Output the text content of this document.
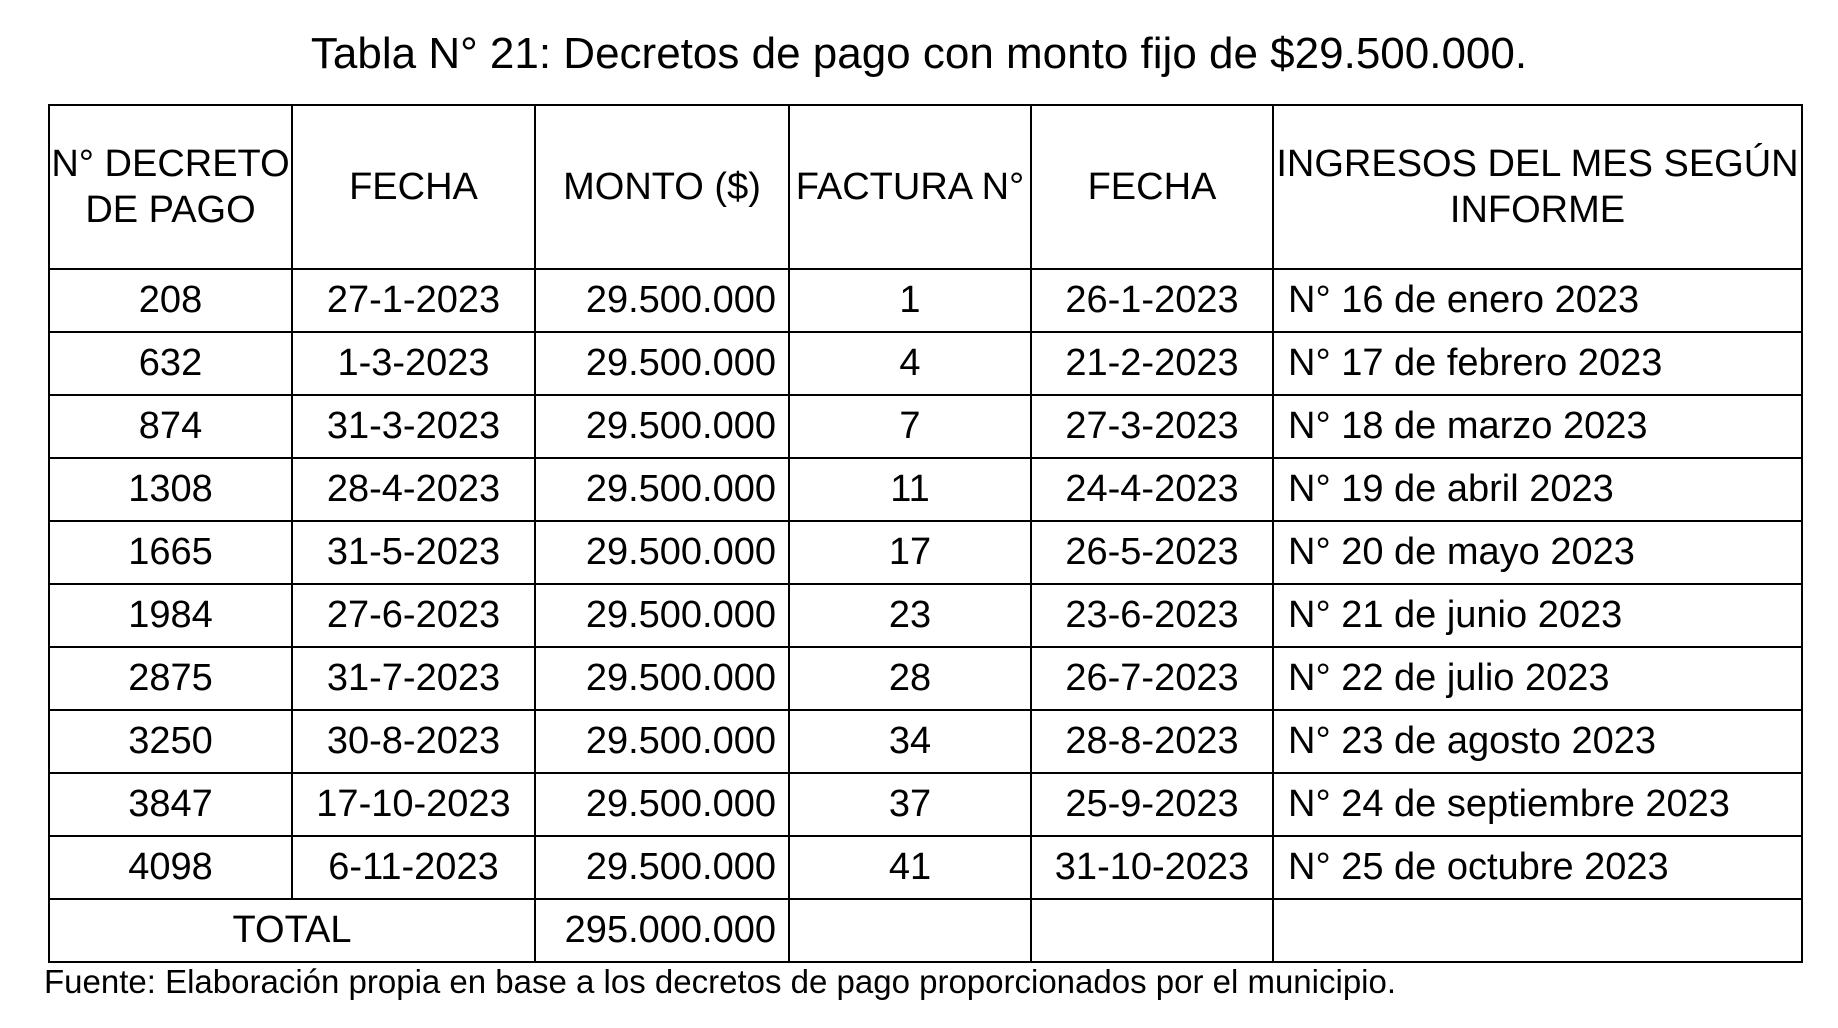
Tabla N° 21: Decretos de pago con monto fijo de $29.500.000.
N° DECRETO DE PAGO	FECHA	MONTO ($)	FACTURA N°	FECHA	INGRESOS DEL MES SEGÚN INFORME
208	27-1-2023	29.500.000	1	26-1-2023	N° 16 de enero 2023
632	1-3-2023	29.500.000	4	21-2-2023	N° 17 de febrero 2023
874	31-3-2023	29.500.000	7	27-3-2023	N° 18 de marzo 2023
1308	28-4-2023	29.500.000	11	24-4-2023	N° 19 de abril 2023
1665	31-5-2023	29.500.000	17	26-5-2023	N° 20 de mayo 2023
1984	27-6-2023	29.500.000	23	23-6-2023	N° 21 de junio 2023
2875	31-7-2023	29.500.000	28	26-7-2023	N° 22 de julio 2023
3250	30-8-2023	29.500.000	34	28-8-2023	N° 23 de agosto 2023
3847	17-10-2023	29.500.000	37	25-9-2023	N° 24 de septiembre 2023
4098	6-11-2023	29.500.000	41	31-10-2023	N° 25 de octubre 2023
TOTAL		295.000.000			
Fuente: Elaboración propia en base a los decretos de pago proporcionados por el municipio.
